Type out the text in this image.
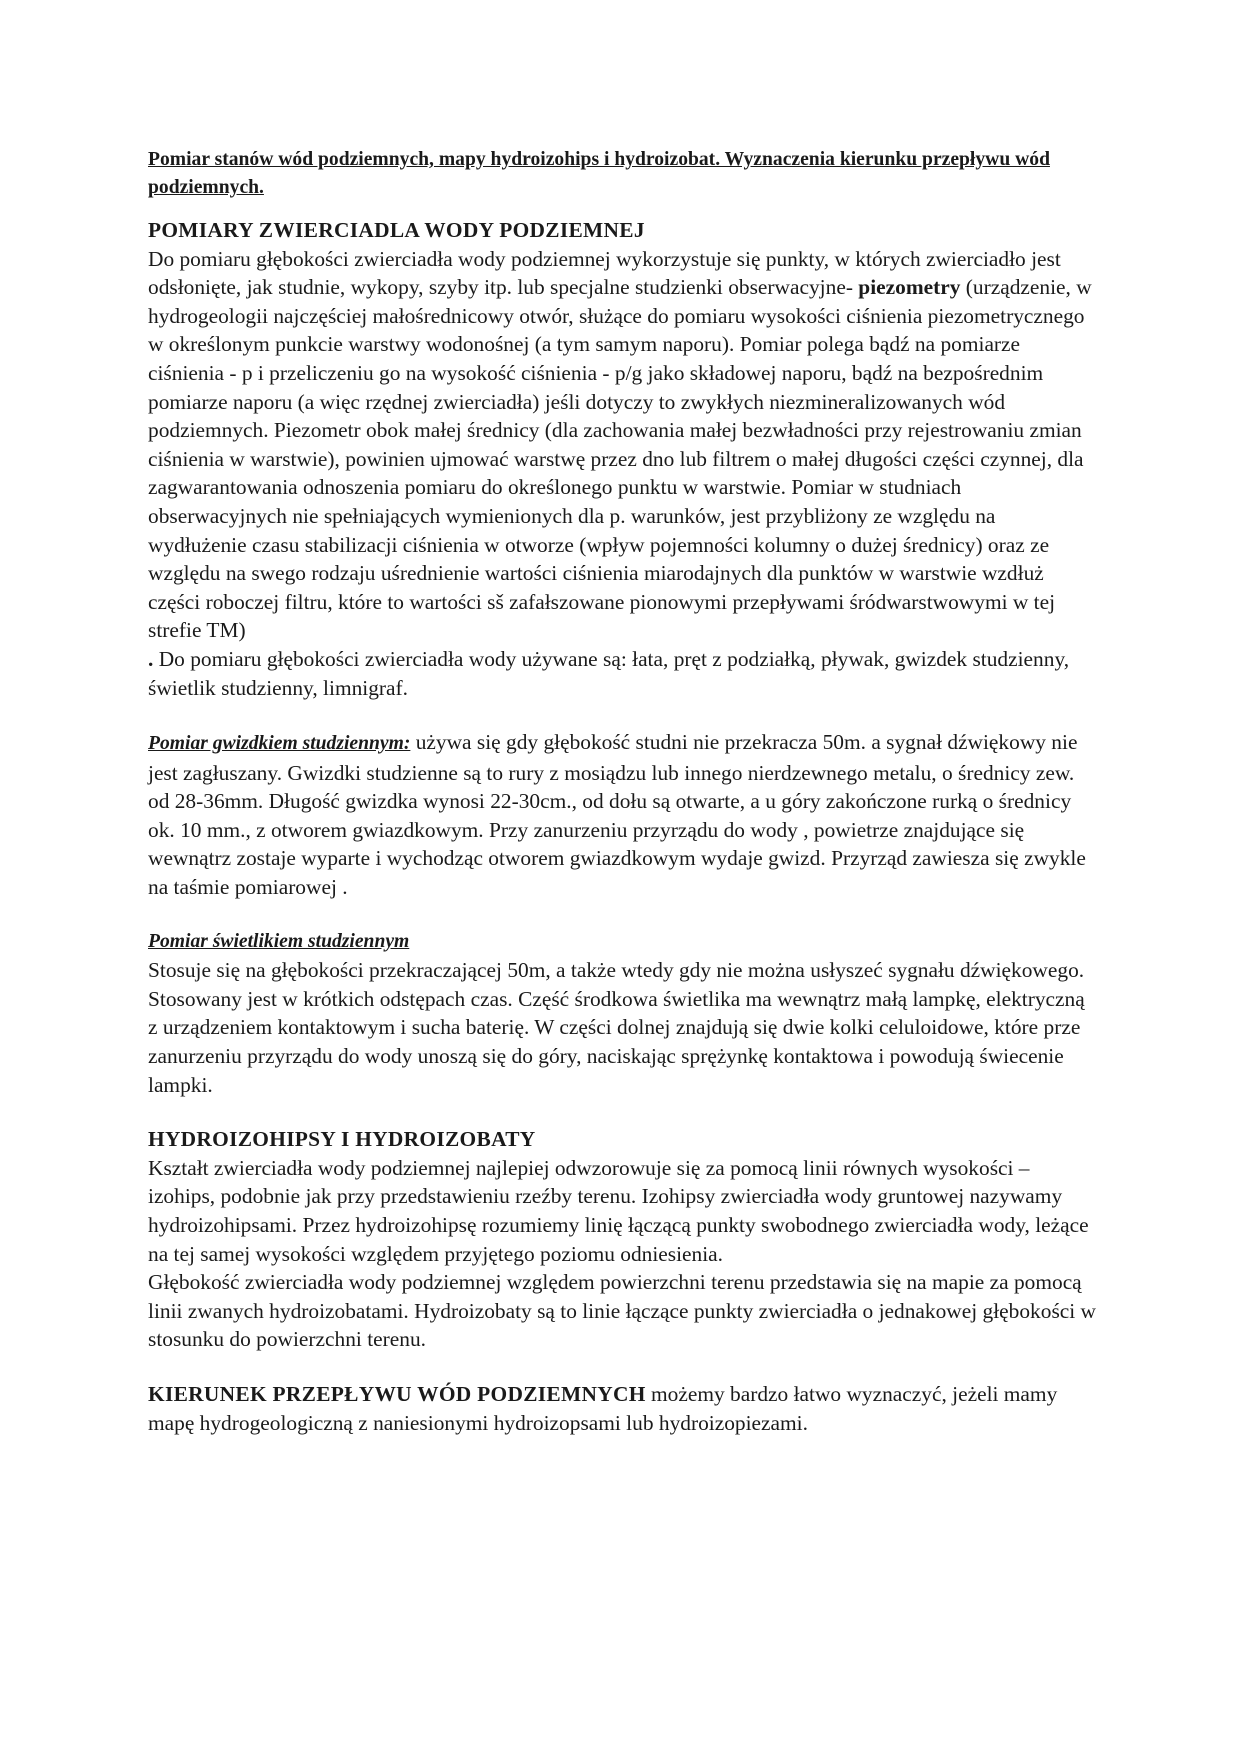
Pomiar stanów wód podziemnych, mapy hydroizohips i hydroizobat. Wyznaczenia kierunku przepływu wód podziemnych.

POMIARY ZWIERCIADLA WODY PODZIEMNEJ

Do pomiaru głębokości zwierciadła wody podziemnej wykorzystuje się punkty, w których zwierciadło jest odsłonięte, jak studnie, wykopy, szyby itp. lub specjalne studzienki obserwacyjne- piezometry (urządzenie, w hydrogeologii najczęściej małośrednicowy otwór, służące do pomiaru wysokości ciśnienia piezometrycznego w określonym punkcie warstwy wodonośnej (a tym samym naporu). Pomiar polega bądź na pomiarze ciśnienia - p i przeliczeniu go na wysokość ciśnienia - p/g jako składowej naporu, bądź na bezpośrednim pomiarze naporu (a więc rzędnej zwierciadła) jeśli dotyczy to zwykłych niezmineralizowanych wód podziemnych. Piezometr obok małej średnicy (dla zachowania małej bezwładności przy rejestrowaniu zmian ciśnienia w warstwie), powinien ujmować warstwę przez dno lub filtrem o małej długości części czynnej, dla zagwarantowania odnoszenia pomiaru do określonego punktu w warstwie. Pomiar w studniach obserwacyjnych nie spełniających wymienionych dla p. warunków, jest przybliżony ze względu na wydłużenie czasu stabilizacji ciśnienia w otworze (wpływ pojemności kolumny o dużej średnicy) oraz ze względu na swego rodzaju uśrednienie wartości ciśnienia miarodajnych dla punktów w warstwie wzdłuż części roboczej filtru, które to wartości sš zafałszowane pionowymi przepływami śródwarstwowymi w tej strefie TM)

. Do pomiaru głębokości zwierciadła wody używane są: łata, pręt z podziałką, pływak, gwizdek studzienny, świetlik studzienny, limnigraf.

Pomiar gwizdkiem studziennym: używa się gdy głębokość studni nie przekracza 50m. a sygnał dźwiękowy nie jest zagłuszany. Gwizdki studzienne są to rury z mosiądzu lub innego nierdzewnego metalu, o średnicy zew. od 28-36mm. Długość gwizdka wynosi 22-30cm., od dołu są otwarte, a u góry zakończone rurką o średnicy ok. 10 mm., z otworem gwiazdkowym. Przy zanurzeniu przyrządu do wody , powietrze znajdujące się wewnątrz zostaje wyparte i wychodząc otworem gwiazdkowym wydaje gwizd. Przyrząd zawiesza się zwykle na taśmie pomiarowej .

Pomiar świetlikiem studziennym

Stosuje się na głębokości przekraczającej 50m, a także wtedy gdy nie można usłyszeć sygnału dźwiękowego. Stosowany jest w krótkich odstępach czas. Część środkowa świetlika ma wewnątrz małą lampkę, elektryczną z urządzeniem kontaktowym i sucha baterię. W części dolnej znajdują się dwie kolki celuloidowe, które prze zanurzeniu przyrządu do wody unoszą się do góry, naciskając sprężynkę kontaktowa i powodują świecenie lampki.

HYDROIZOHIPSY I HYDROIZOBATY

Kształt zwierciadła wody podziemnej najlepiej odwzorowuje się za pomocą linii równych wysokości – izohips, podobnie jak przy przedstawieniu rzeźby terenu. Izohipsy zwierciadła wody gruntowej nazywamy hydroizohipsami. Przez hydroizohipsę rozumiemy linię łączącą punkty swobodnego zwierciadła wody, leżące na tej samej wysokości względem przyjętego poziomu odniesienia.

Głębokość zwierciadła wody podziemnej względem powierzchni terenu przedstawia się na mapie za pomocą linii zwanych hydroizobatami. Hydroizobaty są to linie łączące punkty zwierciadła o jednakowej głębokości w stosunku do powierzchni terenu.

KIERUNEK PRZEPŁYWU WÓD PODZIEMNYCH możemy bardzo łatwo wyznaczyć, jeżeli mamy mapę hydrogeologiczną z naniesionymi hydroizopsami lub hydroizopiezami.
